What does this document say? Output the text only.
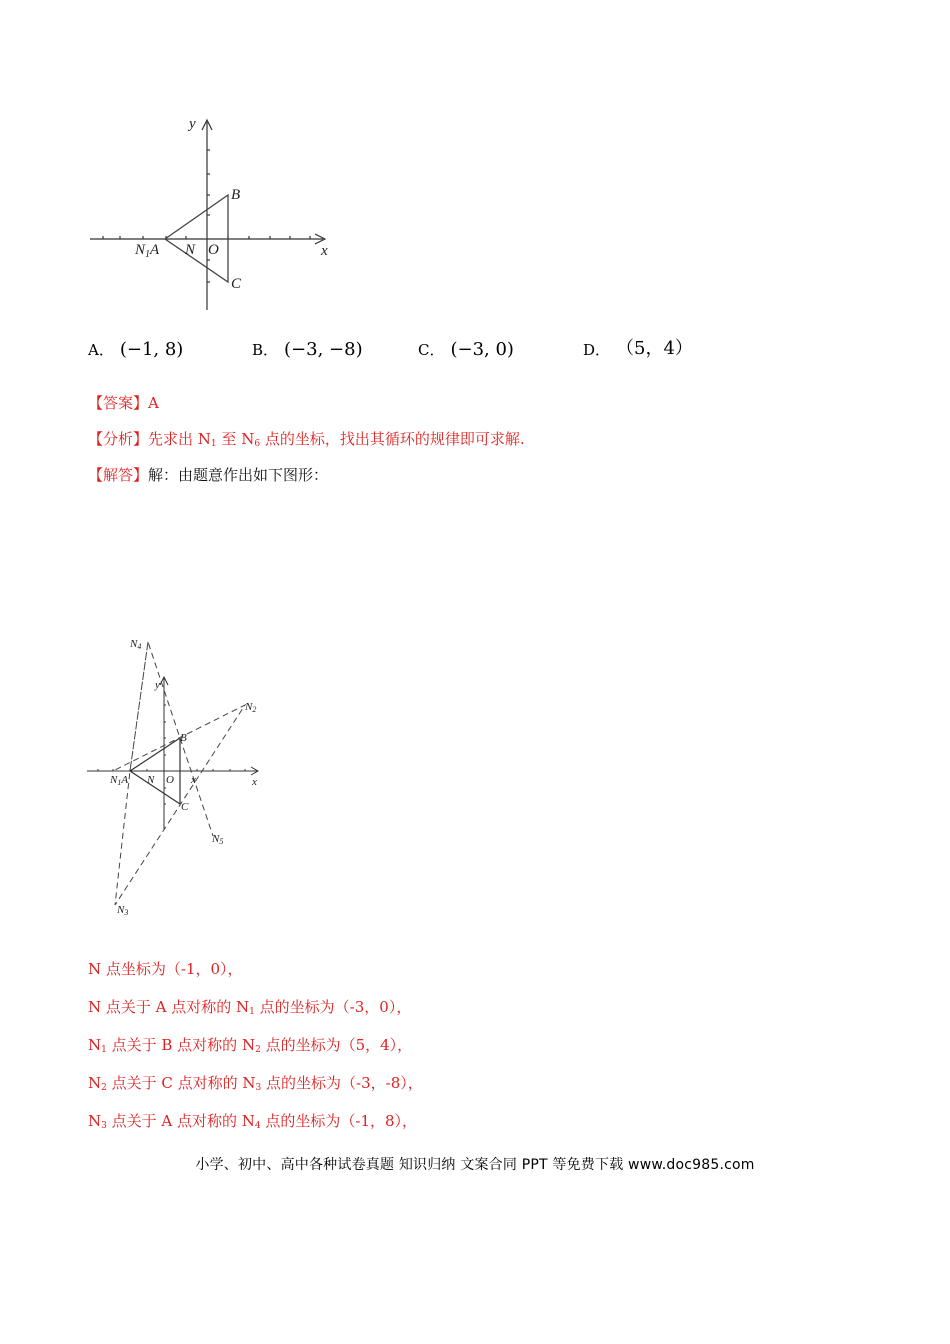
y
x
B
C
$N_1A$ N O
A． (−1, 8)	B． (−3, −8)	C． (−3, 0)	D． （5，4）
【答案】A
【分析】先求出 $N_1$ 至 $N_6$ 点的坐标，找出其循环的规律即可求解.
【解答】解：由题意作出如下图形：
N4
y
N2
B
N1A N O x	x
C
N5
N3
N 点坐标为（-1，0），
N 点关于 A 点对称的 $N_1$ 点的坐标为（-3，0），
$N_1$ 点关于 B 点对称的 $N_2$ 点的坐标为（5，4），
$N_2$ 点关于 C 点对称的 $N_3$ 点的坐标为（-3，-8），
$N_3$ 点关于 A 点对称的 $N_4$ 点的坐标为（-1，8），
小学、初中、高中各种试卷真题 知识归纳 文案合同 PPT 等免费下载 www.doc985.com
